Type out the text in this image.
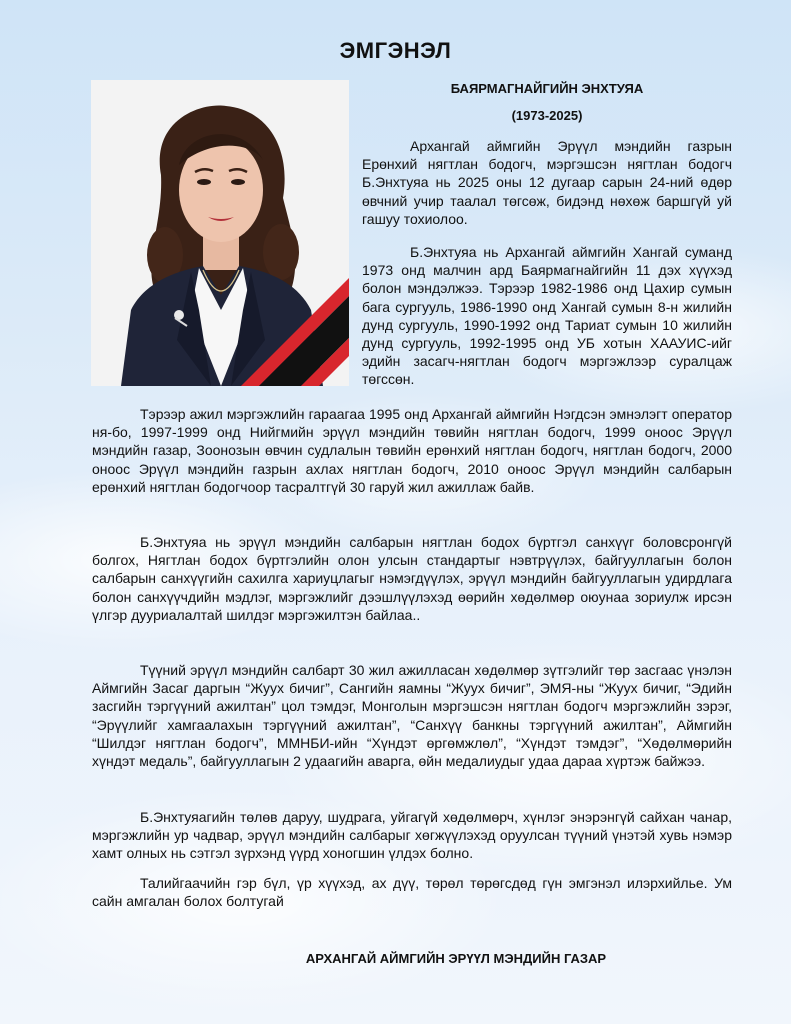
ЭМГЭНЭЛ
БАЯРМАГНАЙГИЙН ЭНХТУЯА
(1973-2025)

Архангай аймгийн Эрүүл мэндийн газрын Ерөнхий нягтлан бодогч, мэргэшсэн нягтлан бодогч Б.Энхтуяа нь 2025 оны 12 дугаар сарын 24-ний өдөр өвчний учир таалал төгсөж, бидэнд нөхөж баршгүй уй гашуу тохиолоо.

Б.Энхтуяа нь Архангай аймгийн Хангай суманд 1973 онд малчин ард Баярмагнайгийн 11 дэх хүүхэд болон мэндэлжээ. Тэрээр 1982-1986 онд Цахир сумын бага сургууль, 1986-1990 онд Хангай сумын 8-н жилийн дунд сургууль, 1990-1992 онд Тариат сумын 10 жилийн дунд сургууль, 1992-1995 онд УБ хотын ХААУИС-ийг эдийн засагч-нягтлан бодогч мэргэжлээр суралцаж төгссөн.

Тэрээр ажил мэргэжлийн гараагаа 1995 онд Архангай аймгийн Нэгдсэн эмнэлэгт оператор ня-бо, 1997-1999 онд Нийгмийн эрүүл мэндийн төвийн нягтлан бодогч, 1999 оноос Эрүүл мэндийн газар, Зоонозын өвчин судлалын төвийн ерөнхий нягтлан бодогч, нягтлан бодогч, 2000 оноос Эрүүл мэндийн газрын ахлах нягтлан бодогч, 2010 оноос Эрүүл мэндийн салбарын ерөнхий нягтлан бодогчоор тасралтгүй 30 гаруй жил ажиллаж байв.

Б.Энхтуяа нь эрүүл мэндийн салбарын нягтлан бодох бүртгэл санхүүг боловсронгүй болгох, Нягтлан бодох бүртгэлийн олон улсын стандартыг нэвтрүүлэх, байгууллагын болон салбарын санхүүгийн сахилга хариуцлагыг нэмэгдүүлэх, эрүүл мэндийн байгууллагын удирдлага болон санхүүчдийн мэдлэг, мэргэжлийг дээшлүүлэхэд өөрийн хөдөлмөр оюунаа зориулж ирсэн үлгэр дууриалалтай шилдэг мэргэжилтэн байлаа..

Түүний эрүүл мэндийн салбарт 30 жил ажилласан хөдөлмөр зүтгэлийг төр засгаас үнэлэн Аймгийн Засаг даргын “Жуух бичиг”, Сангийн яамны “Жуух бичиг”, ЭМЯ-ны “Жуух бичиг, “Эдийн засгийн тэргүүний ажилтан” цол тэмдэг, Монголын мэргэшсэн нягтлан бодогч мэргэжлийн зэрэг, “Эрүүлийг хамгаалахын тэргүүний ажилтан”, “Санхүү банкны тэргүүний ажилтан”, Аймгийн “Шилдэг нягтлан бодогч”, ММНБИ-ийн “Хүндэт өргөмжлөл”, “Хүндэт тэмдэг”, “Хөдөлмөрийн хүндэт медаль”, байгууллагын 2 удаагийн аварга, өйн медалиудыг удаа дараа хүртэж байжээ.

Б.Энхтуяагийн төлөв даруу, шудрага, уйгагүй хөдөлмөрч, хүнлэг энэрэнгүй сайхан чанар, мэргэжлийн ур чадвар, эрүүл мэндийн салбарыг хөгжүүлэхэд оруулсан түүний үнэтэй хувь нэмэр хамт олных нь сэтгэл зүрхэнд үүрд хоногшин үлдэх болно.

Талийгаачийн гэр бүл, үр хүүхэд, ах дүү, төрөл төрөгсдөд гүн эмгэнэл илэрхийлье. Ум сайн амгалан болох болтугай

АРХАНГАЙ АЙМГИЙН ЭРҮҮЛ МЭНДИЙН ГАЗАР
